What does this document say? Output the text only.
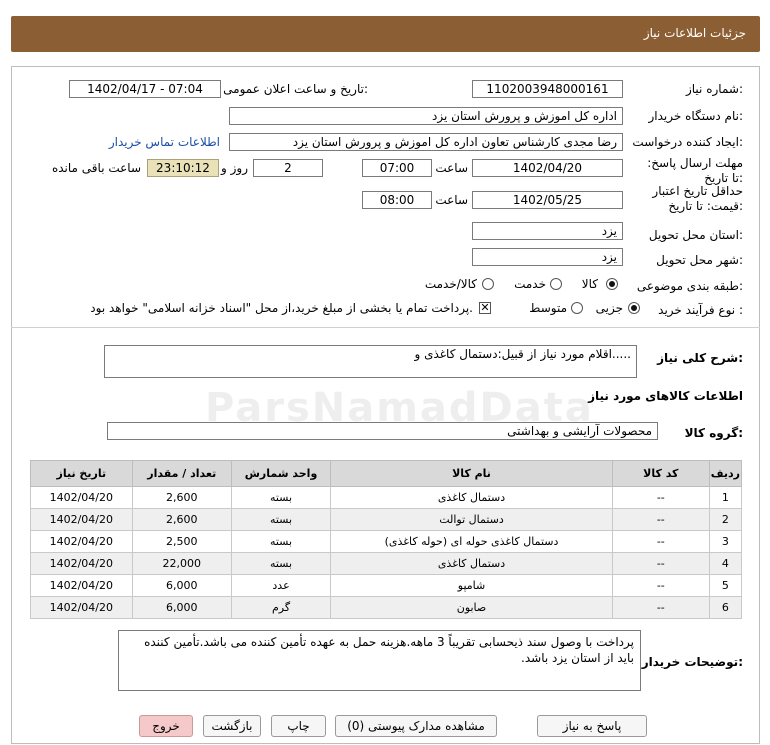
جزئیات اطلاعات نیاز
شماره نیاز:
1102003948000161
تاریخ و ساعت اعلان عمومی:
1402/04/17 - 07:04
نام دستگاه خریدار:
اداره کل اموزش و پرورش استان یزد
ایجاد کننده درخواست:
رضا مجدی کارشناس تعاون اداره کل اموزش و پرورش استان یزد
اطلاعات تماس خریدار
مهلت ارسال پاسخ: تا تاریخ:
1402/04/20
ساعت
07:00
2
روز و
23:10:12
ساعت باقی مانده
حداقل تاریخ اعتبار قیمت: تا تاریخ:
1402/05/25
ساعت
08:00
استان محل تحویل:
یزد
شهر محل تحویل:
یزد
طبقه بندی موضوعی:
کالا
خدمت
کالا/خدمت
نوع فرآیند خرید :
جزیی
متوسط
✕
پرداخت تمام یا بخشی از مبلغ خرید،از محل "اسناد خزانه اسلامی" خواهد بود.
شرح کلی نیاز:
اقلام مورد نیاز از قبیل:دستمال کاغذی و.....
اطلاعات کالاهای مورد نیاز
گروه کالا:
محصولات آرایشی و بهداشتی
ردیف	کد کالا	نام کالا	واحد شمارش	تعداد / مقدار	تاریخ نیاز
1	--	دستمال کاغذی	بسته	2,600	1402/04/20
2	--	دستمال توالت	بسته	2,600	1402/04/20
3	--	دستمال کاغذی حوله ای (حوله کاغذی)	بسته	2,500	1402/04/20
4	--	دستمال کاغذی	بسته	22,000	1402/04/20
5	--	شامپو	عدد	6,000	1402/04/20
6	--	صابون	گرم	6,000	1402/04/20
توضیحات خریدار:
پرداخت با وصول سند ذیحسابی تقریباً 3 ماهه.هزینه حمل به عهده تأمین کننده می باشد.تأمین کننده باید از استان یزد باشد.
پاسخ به نیاز
مشاهده مدارک پیوستی (0)
چاپ
بازگشت
خروج
